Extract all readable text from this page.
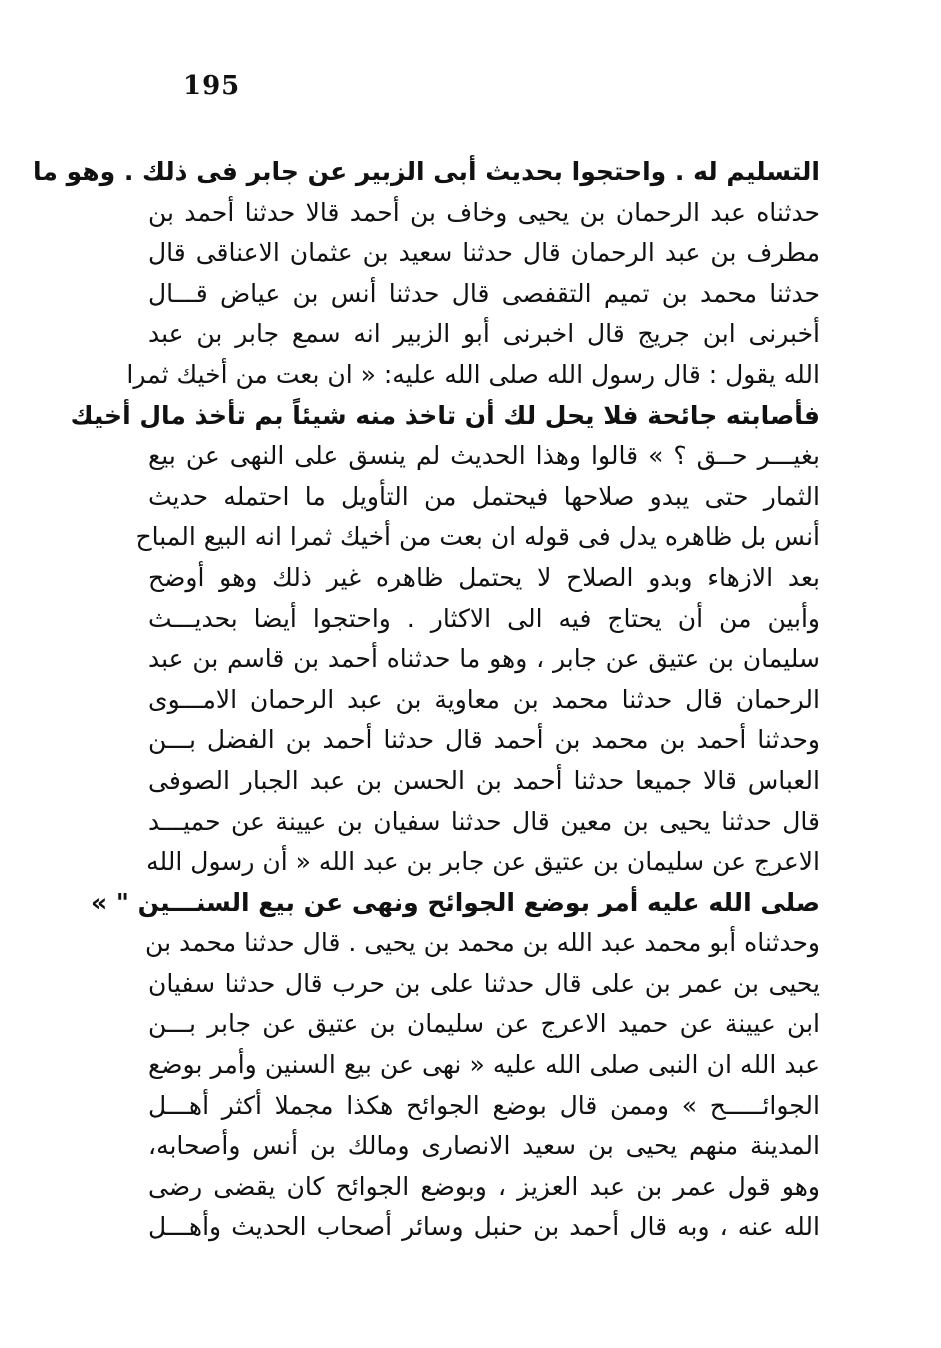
195
التسليم له . واحتجوا بحديث أبى الزبير عن جابر فى ذلك . وهو ما
حدثناه عبد الرحمان بن يحيى وخاف بن أحمد قالا حدثنا أحمد بن
مطرف بن عبد الرحمان قال حدثنا سعيد بن عثمان الاعناقى قال
حدثنا محمد بن تميم التقفصى قال حدثنا أنس بن عياض قـــال
أخبرنى ابن جريج قال اخبرنى أبو الزبير انه سمع جابر بن عبد
الله يقول : قال رسول الله صلى الله عليه: « ان بعت من أخيك ثمرا
فأصابته جائحة فلا يحل لك أن تاخذ منه شيئاً بم تأخذ مال أخيك
بغيـــر حــق ؟ » قالوا وهذا الحديث لم ينسق على النهى عن بيع
الثمار حتى يبدو صلاحها فيحتمل من التأويل ما احتمله حديث
أنس بل ظاهره يدل فى قوله ان بعت من أخيك ثمرا انه البيع المباح
بعد الازهاء وبدو الصلاح لا يحتمل ظاهره غير ذلك وهو أوضح
وأبين من أن يحتاج فيه الى الاكثار . واحتجوا أيضا بحديـــث
سليمان بن عتيق عن جابر ، وهو ما حدثناه أحمد بن قاسم بن عبد
الرحمان قال حدثنا محمد بن معاوية بن عبد الرحمان الامـــوى
وحدثنا أحمد بن محمد بن أحمد قال حدثنا أحمد بن الفضل بـــن
العباس قالا جميعا حدثنا أحمد بن الحسن بن عبد الجبار الصوفى
قال حدثنا يحيى بن معين قال حدثنا سفيان بن عيينة عن حميـــد
الاعرج عن سليمان بن عتيق عن جابر بن عبد الله « أن رسول الله
صلى الله عليه أمر بوضع الجوائح ونهى عن بيع السنـــين " »
وحدثناه أبو محمد عبد الله بن محمد بن يحيى . قال حدثنا محمد بن
يحيى بن عمر بن على قال حدثنا على بن حرب قال حدثنا سفيان
ابن عيينة عن حميد الاعرج عن سليمان بن عتيق عن جابر بـــن
عبد الله ان النبى صلى الله عليه « نهى عن بيع السنين وأمر بوضع
الجوائـــــح » وممن قال بوضع الجوائح هكذا مجملا أكثر أهـــل
المدينة منهم يحيى بن سعيد الانصارى ومالك بن أنس وأصحابه،
وهو قول عمر بن عبد العزيز ، وبوضع الجوائح كان يقضى رضى
الله عنه ، وبه قال أحمد بن حنبل وسائر أصحاب الحديث وأهـــل
